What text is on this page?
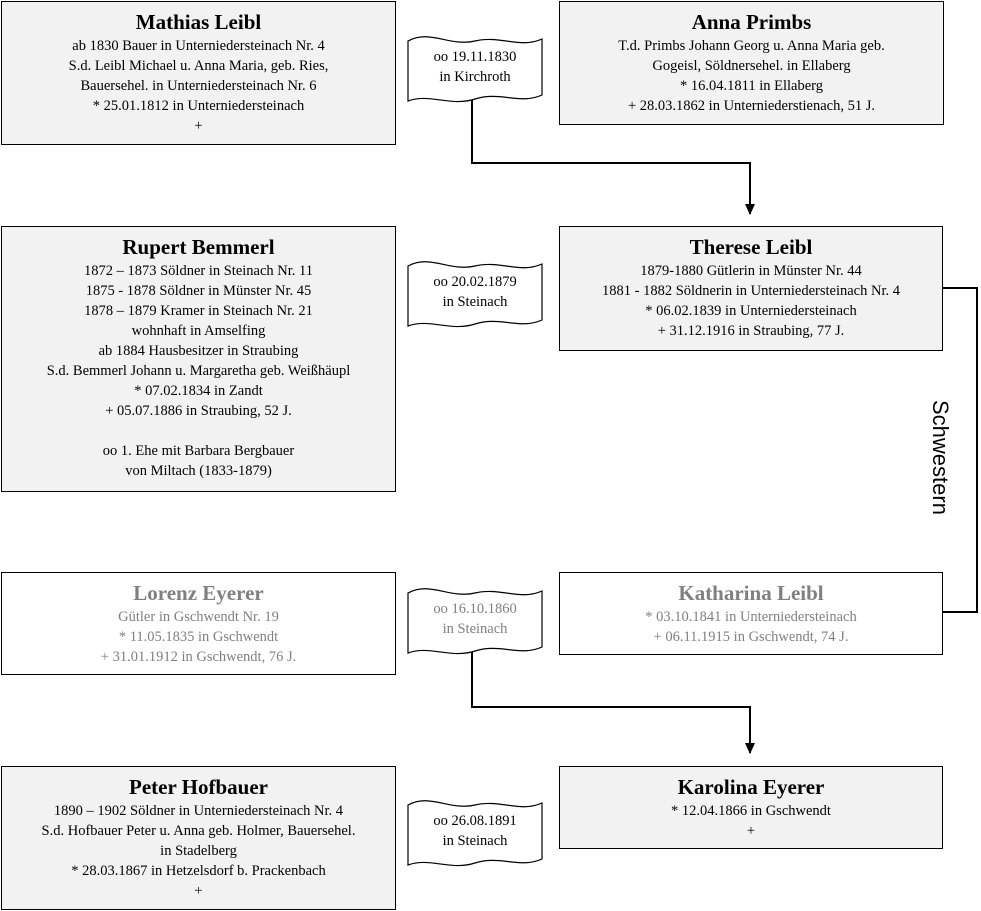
Schwestern
Mathias Leibl
ab 1830 Bauer in Unterniedersteinach Nr. 4
S.d. Leibl Michael u. Anna Maria, geb. Ries,
Bauersehel. in Unterniedersteinach Nr. 6
* 25.01.1812 in Unterniedersteinach
+
Anna Primbs
T.d. Primbs Johann Georg u. Anna Maria geb.
Gogeisl, Söldnersehel. in Ellaberg
* 16.04.1811 in Ellaberg
+ 28.03.1862 in Unterniederstienach, 51 J.
Rupert Bemmerl
1872 – 1873 Söldner in Steinach Nr. 11
1875 - 1878 Söldner in Münster Nr. 45
1878 – 1879 Kramer in Steinach Nr. 21
wohnhaft in Amselfing
ab 1884 Hausbesitzer in Straubing
S.d. Bemmerl Johann u. Margaretha geb. Weißhäupl
* 07.02.1834 in Zandt
+ 05.07.1886 in Straubing, 52 J.
oo 1. Ehe mit Barbara Bergbauer
von Miltach (1833-1879)
Therese Leibl
1879-1880 Gütlerin in Münster Nr. 44
1881 - 1882 Söldnerin in Unterniedersteinach Nr. 4
* 06.02.1839 in Unterniedersteinach
+ 31.12.1916 in Straubing, 77 J.
Lorenz Eyerer
Gütler in Gschwendt Nr. 19
* 11.05.1835 in Gschwendt
+ 31.01.1912 in Gschwendt, 76 J.
Katharina Leibl
* 03.10.1841 in Unterniedersteinach
+ 06.11.1915 in Gschwendt, 74 J.
Peter Hofbauer
1890 – 1902 Söldner in Unterniedersteinach Nr. 4
S.d. Hofbauer Peter u. Anna geb. Holmer, Bauersehel.
in Stadelberg
* 28.03.1867 in Hetzelsdorf b. Prackenbach
+
Karolina Eyerer
* 12.04.1866 in Gschwendt
+
oo 19.11.1830
in Kirchroth
oo 20.02.1879
in Steinach
oo 16.10.1860
in Steinach
oo 26.08.1891
in Steinach
